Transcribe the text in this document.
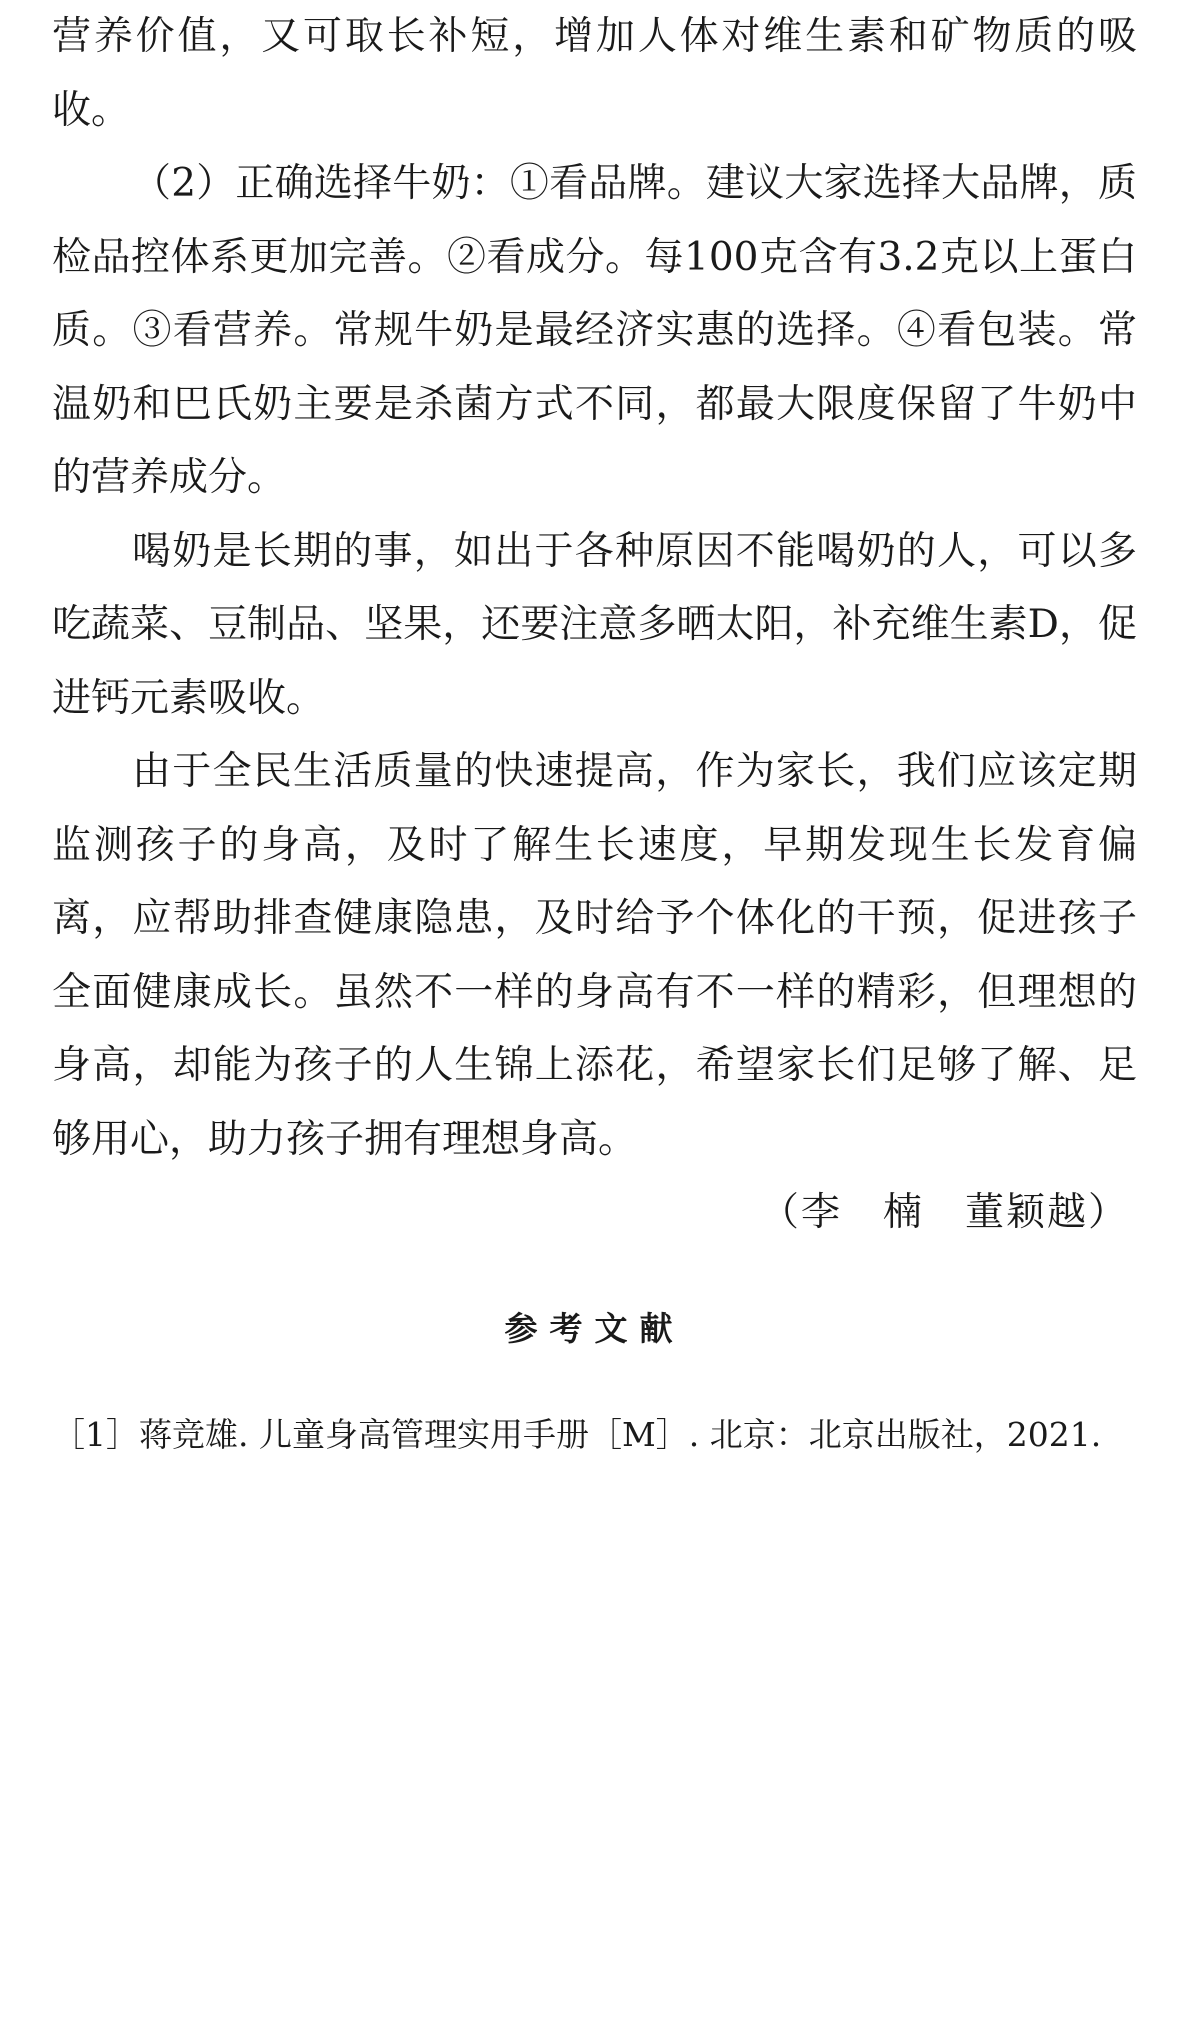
营养价值，又可取长补短，增加人体对维生素和矿物质的吸收。

（2）正确选择牛奶：①看品牌。建议大家选择大品牌，质检品控体系更加完善。②看成分。每100克含有3.2克以上蛋白质。③看营养。常规牛奶是最经济实惠的选择。④看包装。常温奶和巴氏奶主要是杀菌方式不同，都最大限度保留了牛奶中的营养成分。

喝奶是长期的事，如出于各种原因不能喝奶的人，可以多吃蔬菜、豆制品、坚果，还要注意多晒太阳，补充维生素D，促进钙元素吸收。

由于全民生活质量的快速提高，作为家长，我们应该定期监测孩子的身高，及时了解生长速度，早期发现生长发育偏离，应帮助排查健康隐患，及时给予个体化的干预，促进孩子全面健康成长。虽然不一样的身高有不一样的精彩，但理想的身高，却能为孩子的人生锦上添花，希望家长们足够了解、足够用心，助力孩子拥有理想身高。

（李　楠　董颖越）

参考文献
［1］蒋竞雄. 儿童身高管理实用手册［M］. 北京：北京出版社，2021.
